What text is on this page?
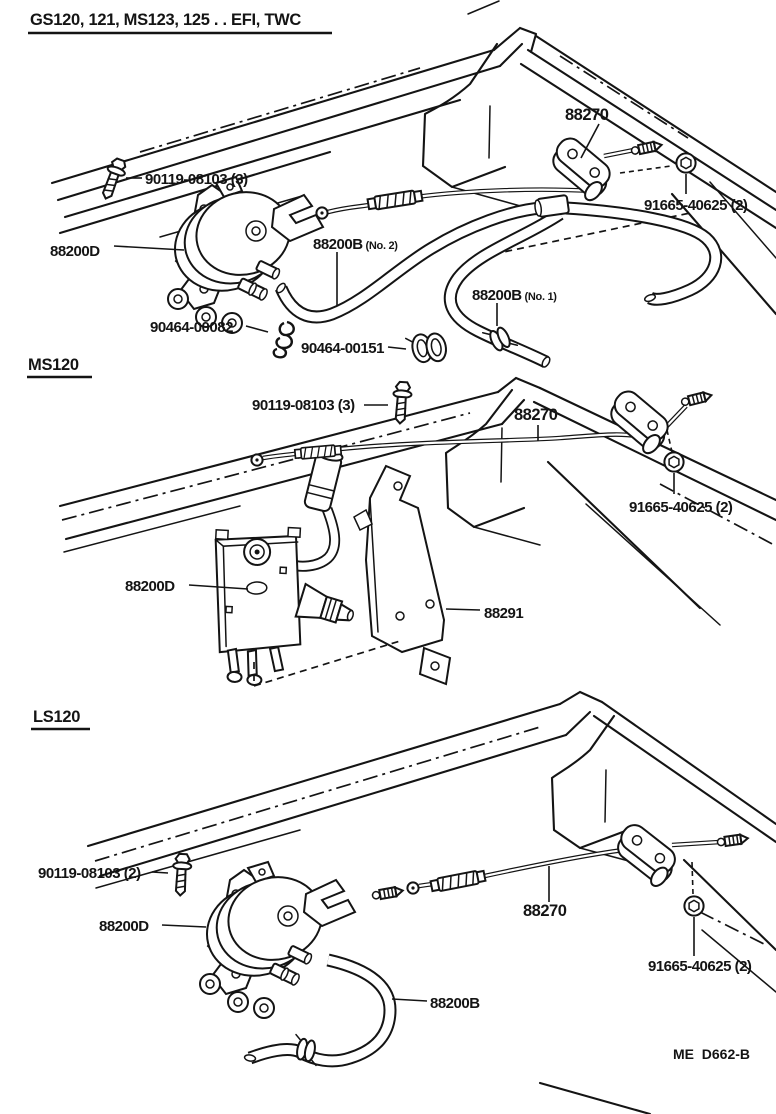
GS120, 121, MS123, 125 . . EFI, TWC
90119-08103 (3)
88270
91665-40625 (2)
88200D	88200B (No. 2)
88200B (No. 1)
90464-00082
90464-00151
MS120
90119-08103 (3)
88270
91665-40625 (2)
88200D
88291
LS120
90119-08103 (2)
88200D
88270
91665-40625 (2)
88200B
ME  D662-B
